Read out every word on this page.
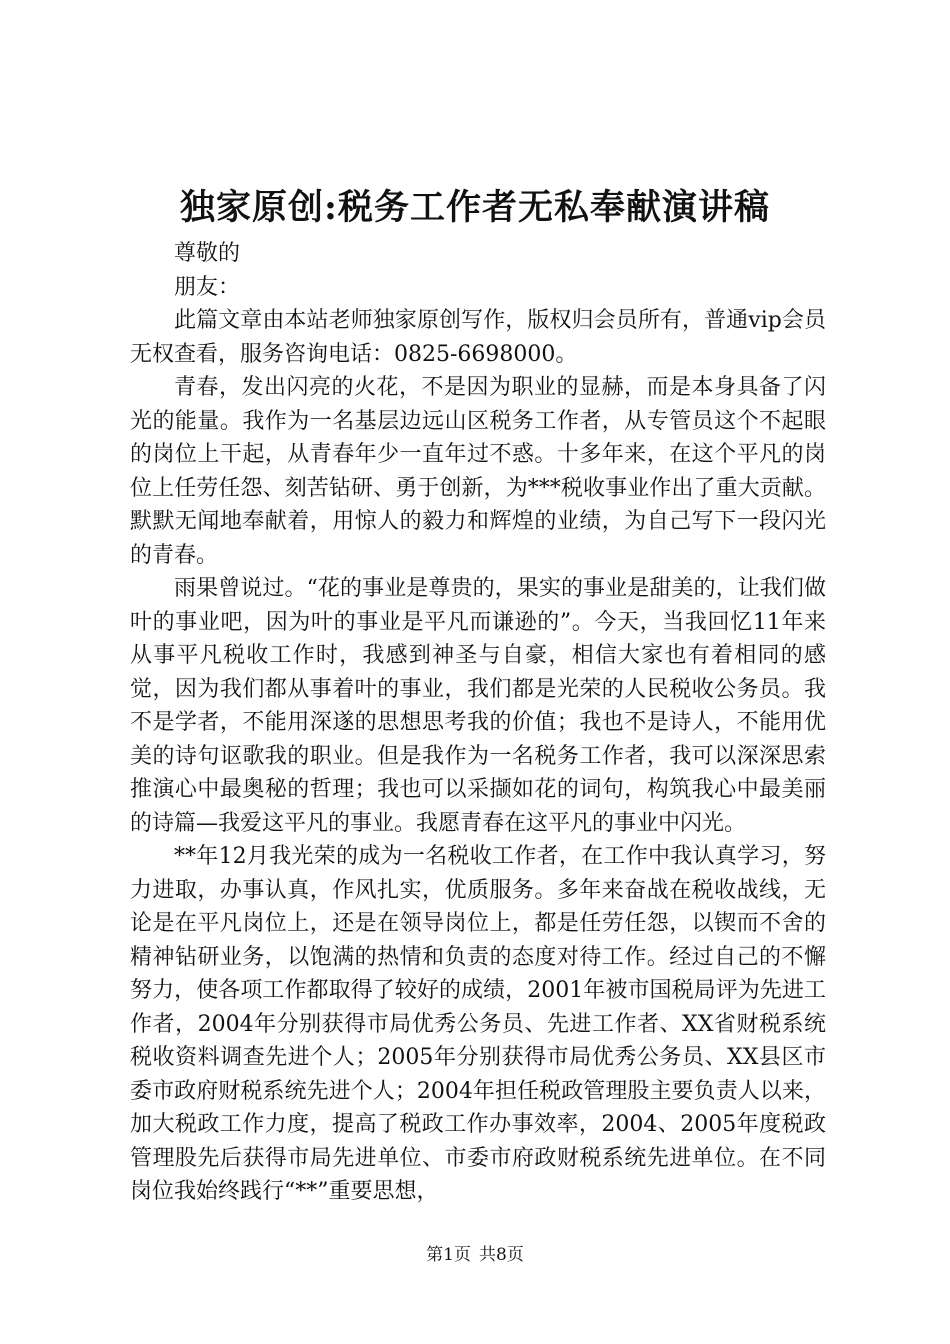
独家原创:税务工作者无私奉献演讲稿

尊敬的

朋友：

此篇文章由本站老师独家原创写作，版权归会员所有，普通vip会员无权查看，服务咨询电话：0825-6698000。

青春，发出闪亮的火花，不是因为职业的显赫，而是本身具备了闪光的能量。我作为一名基层边远山区税务工作者，从专管员这个不起眼的岗位上干起，从青春年少一直年过不惑。十多年来，在这个平凡的岗位上任劳任怨、刻苦钻研、勇于创新，为***税收事业作出了重大贡献。默默无闻地奉献着，用惊人的毅力和辉煌的业绩，为自己写下一段闪光的青春。

雨果曾说过。“花的事业是尊贵的，果实的事业是甜美的，让我们做叶的事业吧，因为叶的事业是平凡而谦逊的”。今天，当我回忆11年来从事平凡税收工作时，我感到神圣与自豪，相信大家也有着相同的感觉，因为我们都从事着叶的事业，我们都是光荣的人民税收公务员。我不是学者，不能用深遂的思想思考我的价值；我也不是诗人，不能用优美的诗句讴歌我的职业。但是我作为一名税务工作者，我可以深深思索推演心中最奥秘的哲理；我也可以采撷如花的词句，构筑我心中最美丽的诗篇—我爱这平凡的事业。我愿青春在这平凡的事业中闪光。

**年12月我光荣的成为一名税收工作者，在工作中我认真学习，努力进取，办事认真，作风扎实，优质服务。多年来奋战在税收战线，无论是在平凡岗位上，还是在领导岗位上，都是任劳任怨，以锲而不舍的精神钻研业务，以饱满的热情和负责的态度对待工作。经过自己的不懈努力，使各项工作都取得了较好的成绩，2001年被市国税局评为先进工作者，2004年分别获得市局优秀公务员、先进工作者、XX省财税系统税收资料调查先进个人；2005年分别获得市局优秀公务员、XX县区市委市政府财税系统先进个人；2004年担任税政管理股主要负责人以来，加大税政工作力度，提高了税政工作办事效率，2004、2005年度税政管理股先后获得市局先进单位、市委市府政财税系统先进单位。在不同岗位我始终践行“**”重要思想，

第1页 共8页
